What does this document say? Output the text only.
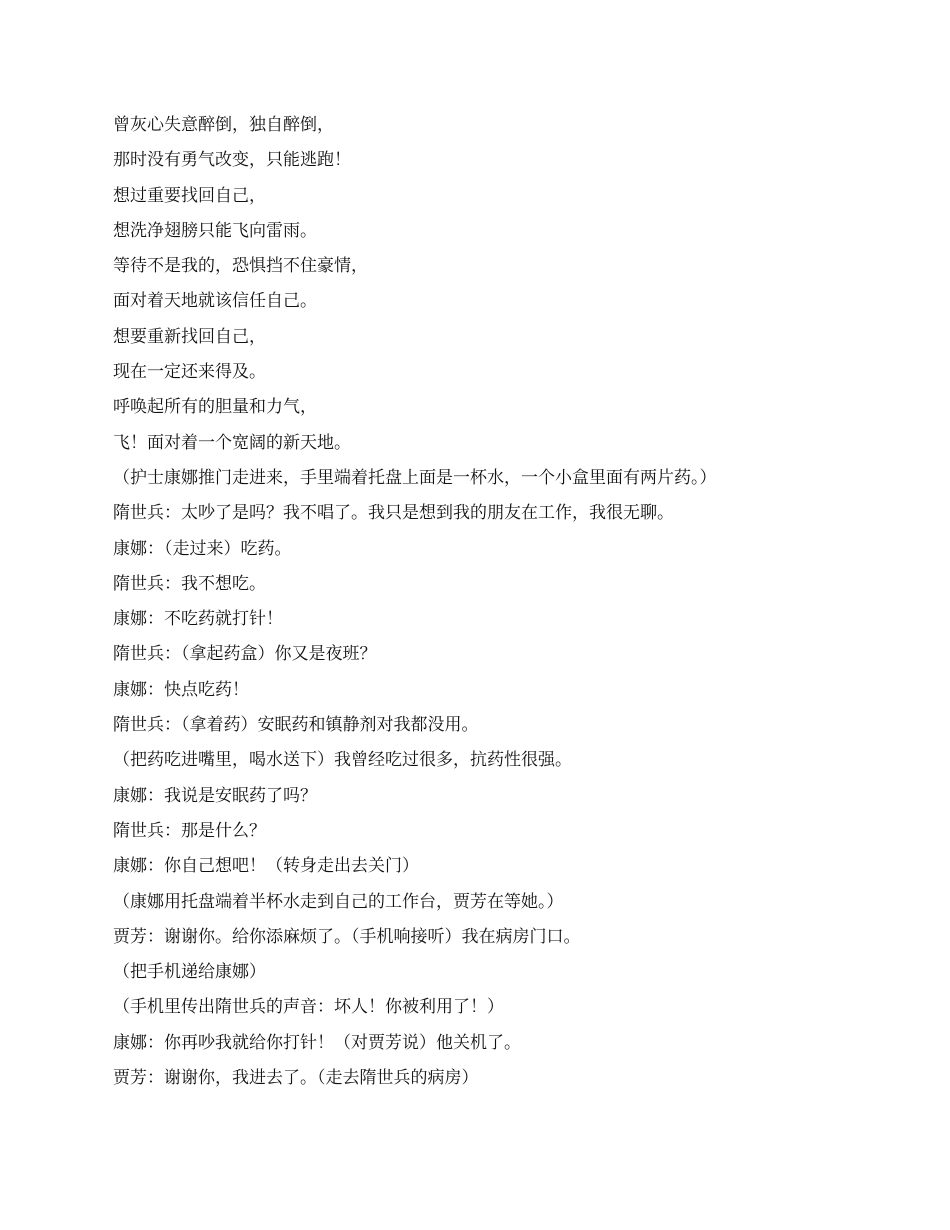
曾灰心失意醉倒，独自醉倒，
那时没有勇气改变，只能逃跑！
想过重要找回自己，
想洗净翅膀只能飞向雷雨。
等待不是我的，恐惧挡不住豪情，
面对着天地就该信任自己。
想要重新找回自己，
现在一定还来得及。
呼唤起所有的胆量和力气，
飞！面对着一个宽阔的新天地。
（护士康娜推门走进来，手里端着托盘上面是一杯水，一个小盒里面有两片药。）
隋世兵：太吵了是吗？我不唱了。我只是想到我的朋友在工作，我很无聊。
康娜：（走过来）吃药。
隋世兵：我不想吃。
康娜：不吃药就打针！
隋世兵：（拿起药盒）你又是夜班？
康娜：快点吃药！
隋世兵：（拿着药）安眠药和镇静剂对我都没用。
（把药吃进嘴里，喝水送下）我曾经吃过很多，抗药性很强。
康娜：我说是安眠药了吗？
隋世兵：那是什么？
康娜：你自己想吧！（转身走出去关门）
（康娜用托盘端着半杯水走到自己的工作台，贾芳在等她。）
贾芳：谢谢你。给你添麻烦了。（手机响接听）我在病房门口。
（把手机递给康娜）
（手机里传出隋世兵的声音：坏人！你被利用了！）
康娜：你再吵我就给你打针！（对贾芳说）他关机了。
贾芳：谢谢你，我进去了。（走去隋世兵的病房）
